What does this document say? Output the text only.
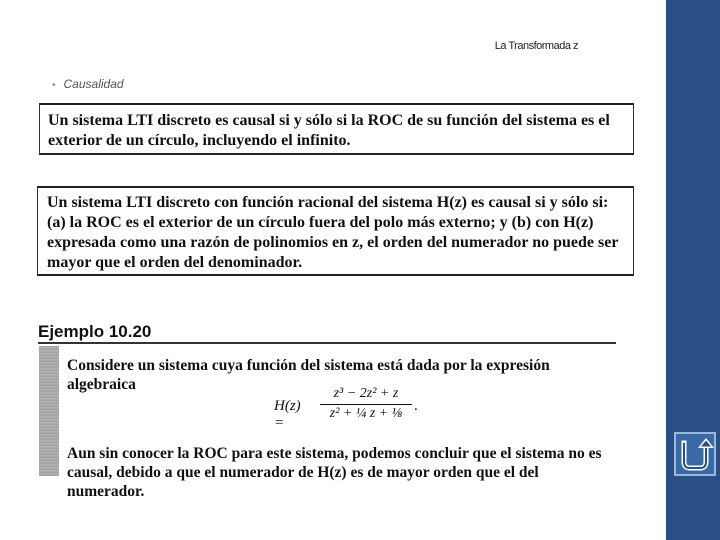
La Transformada z
• Causalidad

Un sistema LTI discreto es causal si y sólo si la ROC de su función del sistema es el

exterior de un círculo, incluyendo el infinito.

Un sistema LTI discreto con función racional del sistema H(z) es causal si y sólo si:

(a) la ROC es el exterior de un círculo fuera del polo más externo; y (b) con H(z)

expresada como una razón de polinomios en z, el orden del numerador no puede ser

mayor que el orden del denominador.

Ejemplo 10.20
Considere un sistema cuya función del sistema está dada por la expresión algebraica
H(z) =
$\frac{\text{z³ − 2z² + z}}{\text{z² + ¼ z + ⅛}}$ .
Aun sin conocer la ROC para este sistema, podemos concluir que el sistema no es
causal, debido a que el numerador de H(z) es de mayor orden que el del numerador.
